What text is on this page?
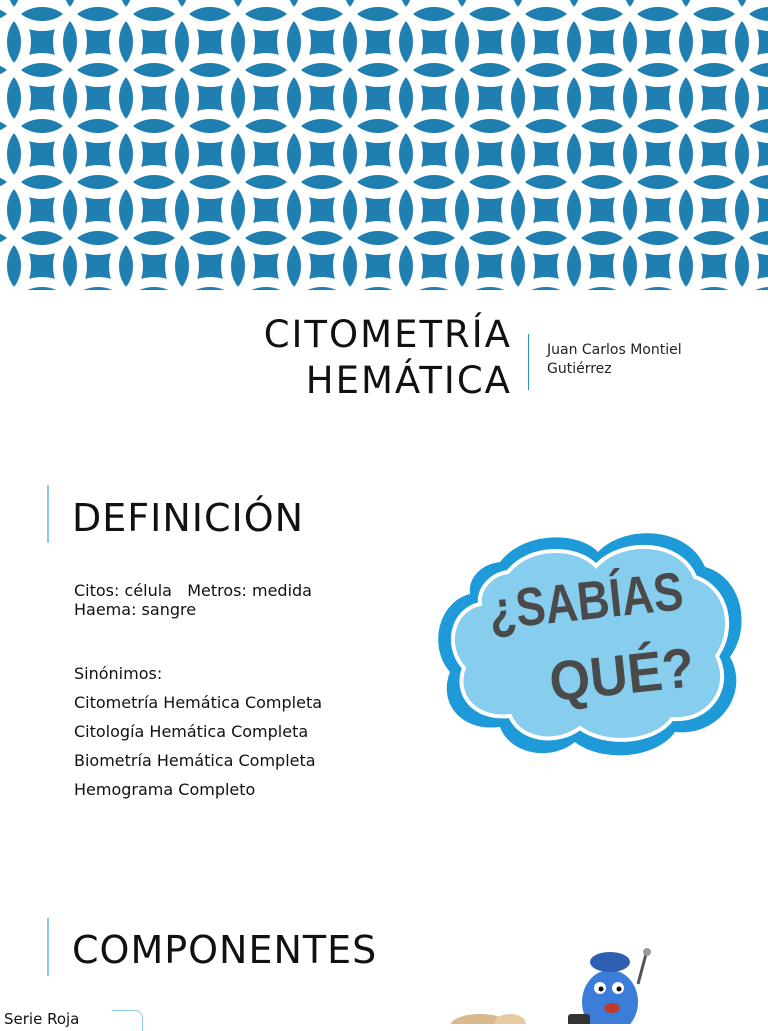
CITOMETRÍA
HEMÁTICA
Juan Carlos Montiel
Gutiérrez
DEFINICIÓN
Citos: célula   Metros: medida
Haema: sangre
Sinónimos:
Citometría Hemática Completa
Citología Hemática Completa
Biometría Hemática Completa
Hemograma Completo
¿SABÍAS
QUÉ?
COMPONENTES
Serie Roja
